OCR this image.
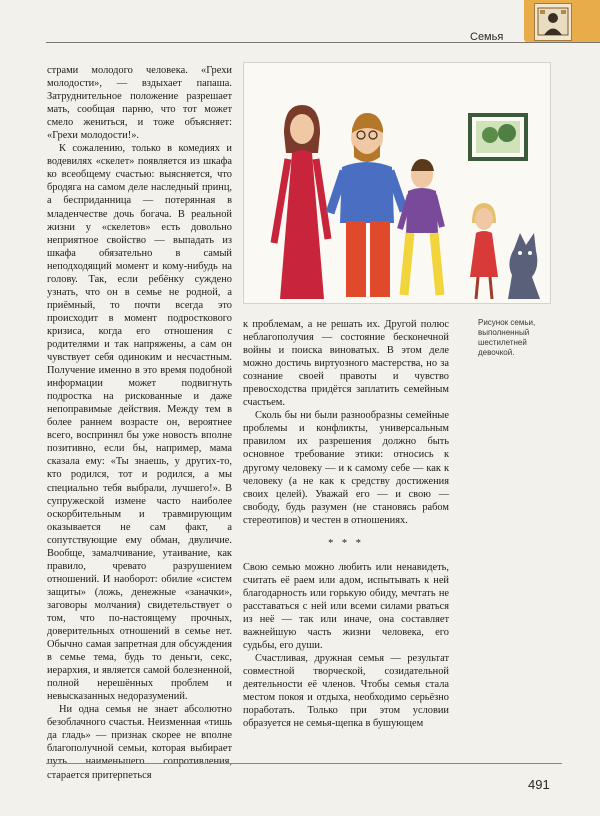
Семья

страми молодого человека. «Грехи молодости», — вздыхает папаша. Затруднительное положение разрешает мать, сообщая парню, что тот может смело жениться, и тоже объясняет: «Грехи молодости!».

К сожалению, только в комедиях и водевилях «скелет» появляется из шкафа ко всеобщему счастью: выясняется, что бродяга на самом деле наследный принц, а бесприданница — потерянная в младенчестве дочь богача. В реальной жизни у «скелетов» есть довольно неприятное свойство — выпадать из шкафа обязательно в самый неподходящий момент и кому-нибудь на голову. Так, если ребёнку суждено узнать, что он в семье не родной, а приёмный, то почти всегда это происходит в момент подросткового кризиса, когда его отношения с родителями и так напряжены, а сам он чувствует себя одиноким и несчастным. Получение именно в это время подобной информации может подвигнуть подростка на рискованные и даже непоправимые действия. Между тем в более раннем возрасте он, вероятнее всего, воспринял бы уже новость вполне позитивно, если бы, например, мама сказала ему: «Ты знаешь, у других-то, кто родился, тот и родился, а мы специально тебя выбрали, лучшего!». В супружеской измене часто наиболее оскорбительным и травмирующим оказывается не сам факт, а сопутствующие ему обман, двуличие. Вообще, замалчивание, утаивание, как правило, чревато разрушением отношений. И наоборот: обилие «систем защиты» (ложь, денежные «заначки», заговоры молчания) свидетельствует о том, что по-настоящему прочных, доверительных отношений в семье нет. Обычно самая запретная для обсуждения в семье тема, будь то деньги, секс, иерархия, и является самой болезненной, полной нерешённых проблем и невысказанных недоразумений.

Ни одна семья не знает абсолютно безоблачного счастья. Неизменная «тишь да гладь» — признак скорее не вполне благополучной семьи, которая выбирает путь наименьшего сопротивления, старается притерпеться

Рисунок семьи, выполненный шестилетней девочкой.

к проблемам, а не решать их. Другой полюс неблагополучия — состояние бесконечной войны и поиска виноватых. В этом деле можно достичь виртуозного мастерства, но за сознание своей правоты и чувство превосходства придётся заплатить семейным счастьем.

Сколь бы ни были разнообразны семейные проблемы и конфликты, универсальным правилом их разрешения должно быть основное требование этики: относись к другому человеку — и к самому себе — как к человеку (а не как к средству достижения своих целей). Уважай его — и свою — свободу, будь разумен (не становясь рабом стереотипов) и честен в отношениях.

* * *

Свою семью можно любить или ненавидеть, считать её раем или адом, испытывать к ней благодарность или горькую обиду, мечтать не расставаться с ней или всеми силами рваться из неё — так или иначе, она составляет важнейшую часть жизни человека, его судьбы, его души.

Счастливая, дружная семья — результат совместной творческой, созидательной деятельности её членов. Чтобы семья стала местом покоя и отдыха, необходимо серьёзно поработать. Только при этом условии образуется не семья-щепка в бушующем

491
